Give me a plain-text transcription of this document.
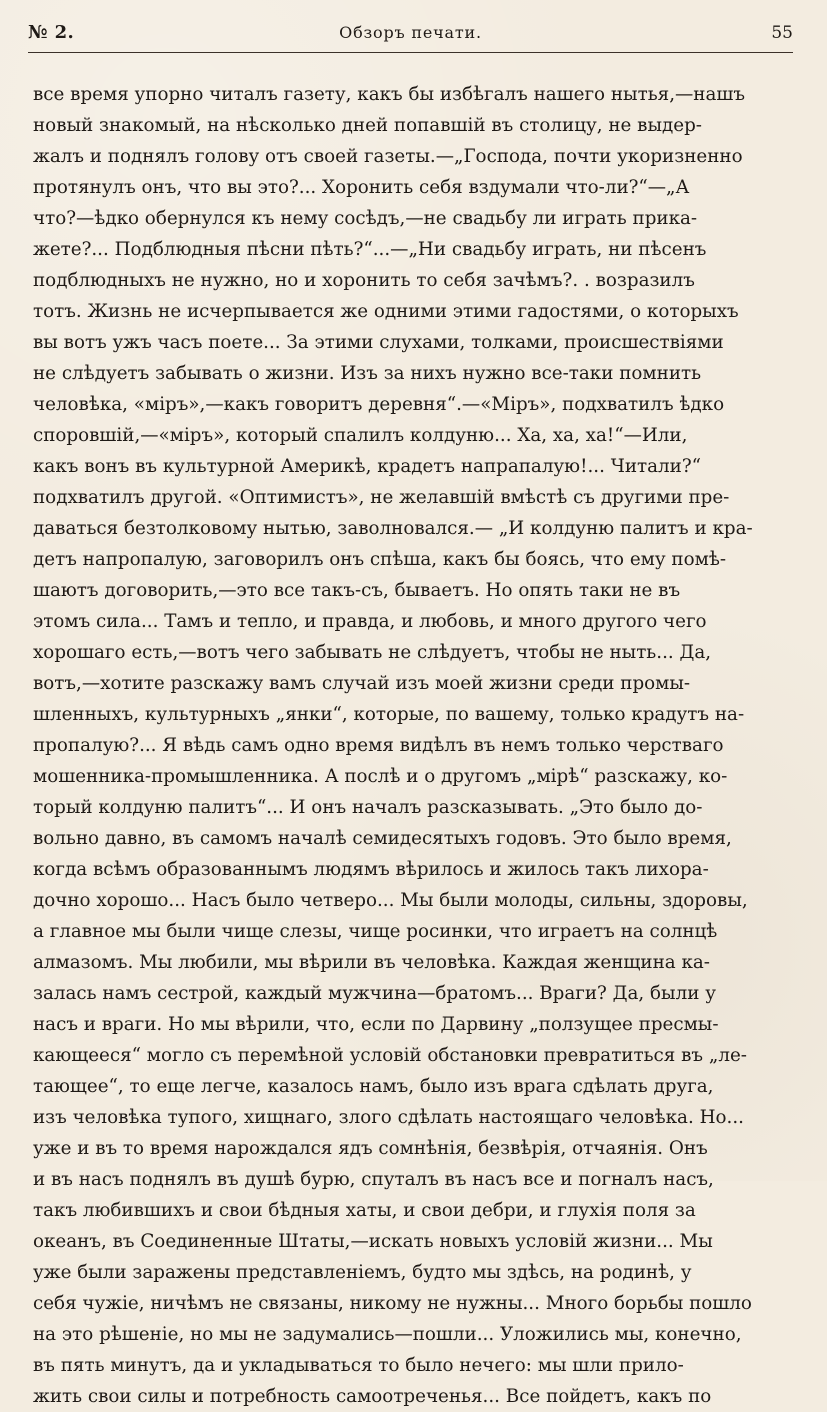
№ 2.	Обзоръ печати.	55
все время упорно читалъ газету, какъ бы избѣгалъ нашего нытья,—нашъ
новый знакомый, на нѣсколько дней попавшій въ столицу, не выдер-
жалъ и поднялъ голову отъ своей газеты.—„Господа, почти укоризненно
протянулъ онъ, что вы это?... Хоронить себя вздумали что-ли?“—„А
что?—ѣдко обернулся къ нему сосѣдъ,—не свадьбу ли играть прика-
жете?... Подблюдныя пѣсни пѣть?“...—„Ни свадьбу играть, ни пѣсенъ
подблюдныхъ не нужно, но и хоронить то себя зачѣмъ?. . возразилъ
тотъ. Жизнь не исчерпывается же одними этими гадостями, о которыхъ
вы вотъ ужъ часъ поете... За этими слухами, толками, происшествіями
не слѣдуетъ забывать о жизни. Изъ за нихъ нужно все-таки помнить
человѣка, «міръ»,—какъ говоритъ деревня“.—«Міръ», подхватилъ ѣдко
споровшій,—«міръ», который спалилъ колдуню... Ха, ха, ха!“—Или,
какъ вонъ въ культурной Америкѣ, крадетъ напрапалую!... Читали?“
подхватилъ другой. «Оптимистъ», не желавшій вмѣстѣ съ другими пре-
даваться безтолковому нытью, заволновался.— „И колдуню палитъ и кра-
детъ напропалую, заговорилъ онъ спѣша, какъ бы боясь, что ему помѣ-
шаютъ договорить,—это все такъ-съ, бываетъ. Но опять таки не въ
этомъ сила... Тамъ и тепло, и правда, и любовь, и много другого чего
хорошаго есть,—вотъ чего забывать не слѣдуетъ, чтобы не ныть... Да,
вотъ,—хотите разскажу вамъ случай изъ моей жизни среди промы-
шленныхъ, культурныхъ „янки“, которые, по вашему, только крадутъ на-
пропалую?... Я вѣдь самъ одно время видѣлъ въ немъ только черстваго
мошенника-промышленника. А послѣ и о другомъ „мірѣ“ разскажу, ко-
торый колдуню палитъ“... И онъ началъ разсказывать. „Это было до-
вольно давно, въ самомъ началѣ семидесятыхъ годовъ. Это было время,
когда всѣмъ образованнымъ людямъ вѣрилось и жилось такъ лихора-
дочно хорошо... Насъ было четверо... Мы были молоды, сильны, здоровы,
а главное мы были чище слезы, чище росинки, что играетъ на солнцѣ
алмазомъ. Мы любили, мы вѣрили въ человѣка. Каждая женщина ка-
залась намъ сестрой, каждый мужчина—братомъ... Враги? Да, были у
насъ и враги. Но мы вѣрили, что, если по Дарвину „ползущее пресмы-
кающееся“ могло съ перемѣной условій обстановки превратиться въ „ле-
тающее“, то еще легче, казалось намъ, было изъ врага сдѣлать друга,
изъ человѣка тупого, хищнаго, злого сдѣлать настоящаго человѣка. Но...
уже и въ то время нарождался ядъ сомнѣнія, безвѣрія, отчаянія. Онъ
и въ насъ поднялъ въ душѣ бурю, спуталъ въ насъ все и погналъ насъ,
такъ любившихъ и свои бѣдныя хаты, и свои дебри, и глухія поля за
океанъ, въ Соединенные Штаты,—искать новыхъ условій жизни... Мы
уже были заражены представленіемъ, будто мы здѣсь, на родинѣ, у
себя чужіе, ничѣмъ не связаны, никому не нужны... Много борьбы пошло
на это рѣшеніе, но мы не задумались—пошли... Уложились мы, конечно,
въ пять минутъ, да и укладываться то было нечего: мы шли прило-
жить свои силы и потребность самоотреченья... Все пойдетъ, какъ по
